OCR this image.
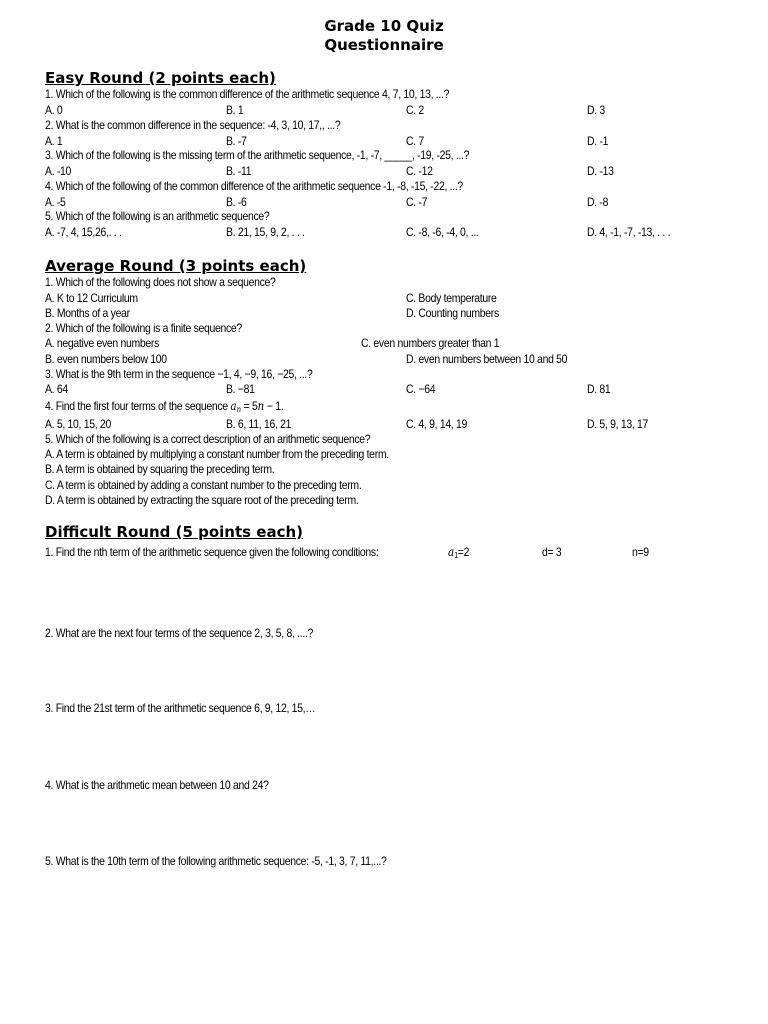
Grade 10 Quiz
Questionnaire
Easy Round (2 points each)
1. Which of the following is the common difference of the arithmetic sequence 4, 7, 10, 13, ...?
A. 0	B. 1	C. 2	D. 3
2. What is the common difference in the sequence: -4, 3, 10, 17,, ...?
A. 1	B. -7	C. 7	D. -1
3. Which of the following is the missing term of the arithmetic sequence, -1, -7, _____, -19, -25, ...?
A. -10	B. -11	C. -12	D. -13
4. Which of the following of the common difference of the arithmetic sequence -1, -8, -15, -22, ...?
A. -5	B. -6	C. -7	D. -8
5. Which of the following is an arithmetic sequence?
A. -7, 4, 15,26,. . .	B. 21, 15, 9, 2, . . .	C. -8, -6, -4, 0, ...	D. 4, -1, -7, -13, . . .
Average Round (3 points each)
1. Which of the following does not show a sequence?
A. K to 12 Curriculum	C. Body temperature
B. Months of a year	D. Counting numbers
2. Which of the following is a finite sequence?
A. negative even numbers	C. even numbers greater than 1
B. even numbers below 100	D. even numbers between 10 and 50
3. What is the 9th term in the sequence −1, 4, −9, 16, −25, ...?
A. 64	B. −81	C. −64	D. 81
4. Find the first four terms of the sequence $a_n = 5n - 1$.
A. 5, 10, 15, 20	B. 6, 11, 16, 21	C. 4, 9, 14, 19	D. 5, 9, 13, 17
5. Which of the following is a correct description of an arithmetic sequence?
A. A term is obtained by multiplying a constant number from the preceding term.
B. A term is obtained by squaring the preceding term.
C. A term is obtained by adding a constant number to the preceding term.
D. A term is obtained by extracting the square root of the preceding term.
Difficult Round (5 points each)
1. Find the nth term of the arithmetic sequence given the following conditions:	$a_1=2$	d= 3	n=9
2. What are the next four terms of the sequence 2, 3, 5, 8, ....?
3. Find the 21st term of the arithmetic sequence 6, 9, 12, 15,…
4. What is the arithmetic mean between 10 and 24?
5. What is the 10th term of the following arithmetic sequence: -5, -1, 3, 7, 11,...?
